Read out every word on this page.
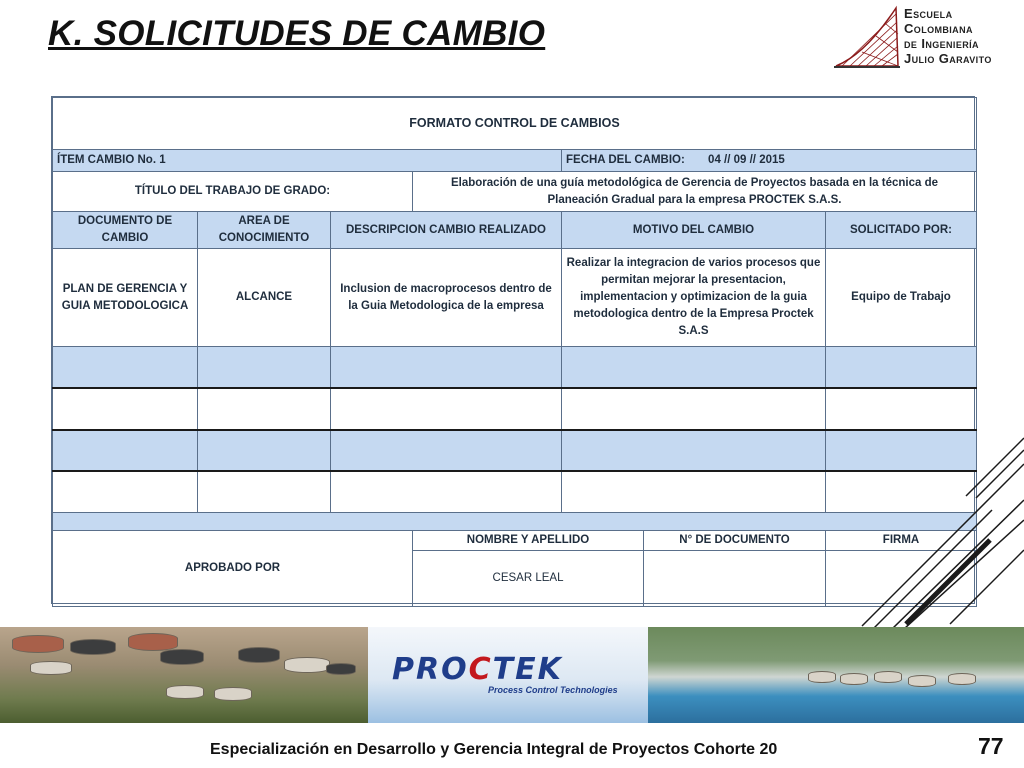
K. SOLICITUDES DE CAMBIO
Escuela
Colombiana
de Ingeniería
Julio Garavito
FORMATO CONTROL DE CAMBIOS						
ÍTEM CAMBIO No. 1				FECHA DEL CAMBIO: 04 // 09 // 2015		
TÍTULO DEL TRABAJO DE GRADO:			Elaboración de una guía metodológica de Gerencia de Proyectos basada en la técnica de Planeación Gradual para la empresa PROCTEK S.A.S.			
DOCUMENTO DE CAMBIO	AREA DE CONOCIMIENTO	DESCRIPCION CAMBIO REALIZADO		MOTIVO DEL CAMBIO		SOLICITADO POR:
PLAN DE GERENCIA Y GUIA METODOLOGICA	ALCANCE	Inclusion de macroprocesos dentro de la Guia Metodologica de la empresa		Realizar la integracion de varios procesos que permitan mejorar la presentacion, implementacion y optimizacion de la guia metodologica dentro de la Empresa Proctek S.A.S		Equipo de Trabajo

APROBADO POR			NOMBRE Y APELLIDO		N° DE DOCUMENTO	FIRMA
			CESAR LEAL			
PROCTEK
Process Control Technologies
Especialización en Desarrollo y Gerencia Integral de Proyectos Cohorte 20	77
